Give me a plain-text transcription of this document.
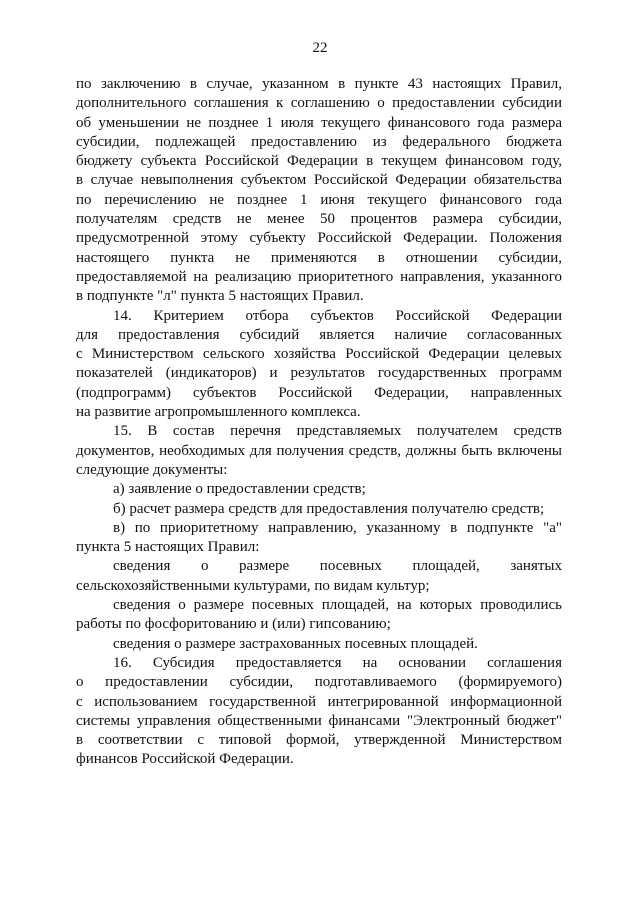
22
по заключению в случае, указанном в пункте 43 настоящих Правил,
дополнительного соглашения к соглашению о предоставлении субсидии
об уменьшении не позднее 1 июля текущего финансового года размера
субсидии, подлежащей предоставлению из федерального бюджета
бюджету субъекта Российской Федерации в текущем финансовом году,
в случае невыполнения субъектом Российской Федерации обязательства
по перечислению не позднее 1 июня текущего финансового года
получателям средств не менее 50 процентов размера субсидии,
предусмотренной этому субъекту Российской Федерации. Положения
настоящего пункта не применяются в отношении субсидии,
предоставляемой на реализацию приоритетного направления, указанного
в подпункте "л" пункта 5 настоящих Правил.
14. Критерием отбора субъектов Российской Федерации
для предоставления субсидий является наличие согласованных
с Министерством сельского хозяйства Российской Федерации целевых
показателей (индикаторов) и результатов государственных программ
(подпрограмм) субъектов Российской Федерации, направленных
на развитие агропромышленного комплекса.
15. В состав перечня представляемых получателем средств
документов, необходимых для получения средств, должны быть включены
следующие документы:
а) заявление о предоставлении средств;
б) расчет размера средств для предоставления получателю средств;
в) по приоритетному направлению, указанному в подпункте "а"
пункта 5 настоящих Правил:
сведения о размере посевных площадей, занятых
сельскохозяйственными культурами, по видам культур;
сведения о размере посевных площадей, на которых проводились
работы по фосфоритованию и (или) гипсованию;
сведения о размере застрахованных посевных площадей.
16. Субсидия предоставляется на основании соглашения
о предоставлении субсидии, подготавливаемого (формируемого)
с использованием государственной интегрированной информационной
системы управления общественными финансами "Электронный бюджет"
в соответствии с типовой формой, утвержденной Министерством
финансов Российской Федерации.
